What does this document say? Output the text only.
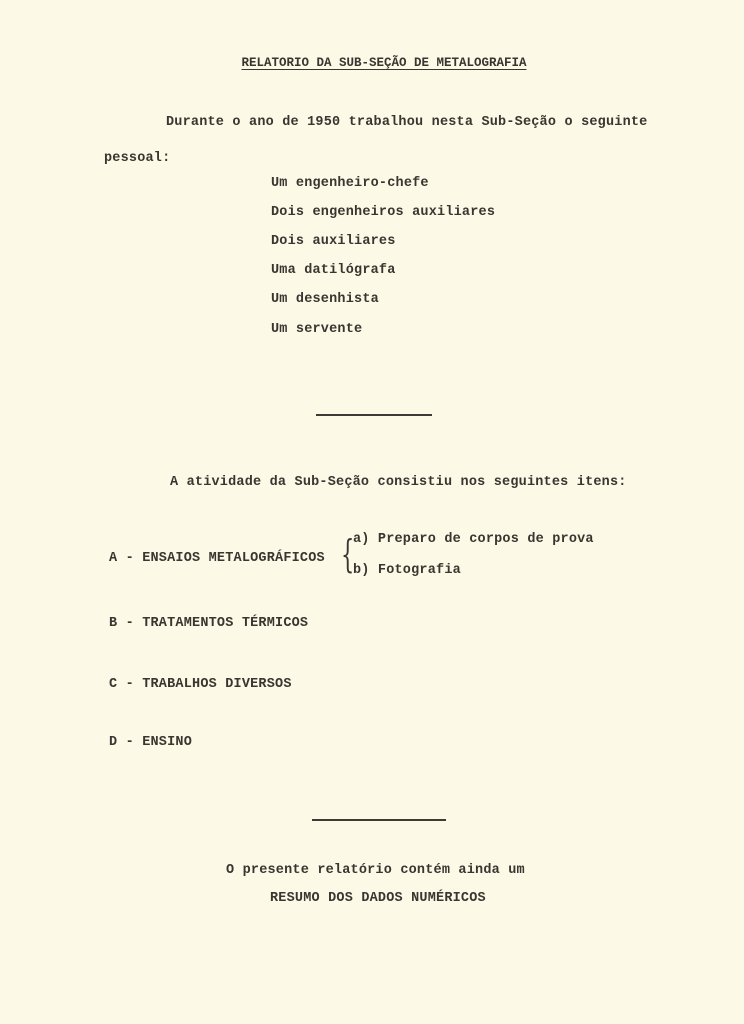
RELATORIO DA SUB-SEÇÃO DE METALOGRAFIA
Durante o ano de 1950 trabalhou nesta Sub-Seção o seguinte
pessoal:
Um engenheiro-chefe
Dois engenheiros auxiliares
Dois auxiliares
Uma datilógrafa
Um desenhista
Um servente
A atividade da Sub-Seção consistiu nos seguintes itens:
A - ENSAIOS METALOGRÁFICOS {
a) Preparo de corpos de prova
b) Fotografia
B - TRATAMENTOS TÉRMICOS
C - TRABALHOS DIVERSOS
D - ENSINO
O presente relatório contém ainda um
RESUMO DOS DADOS NUMÉRICOS
